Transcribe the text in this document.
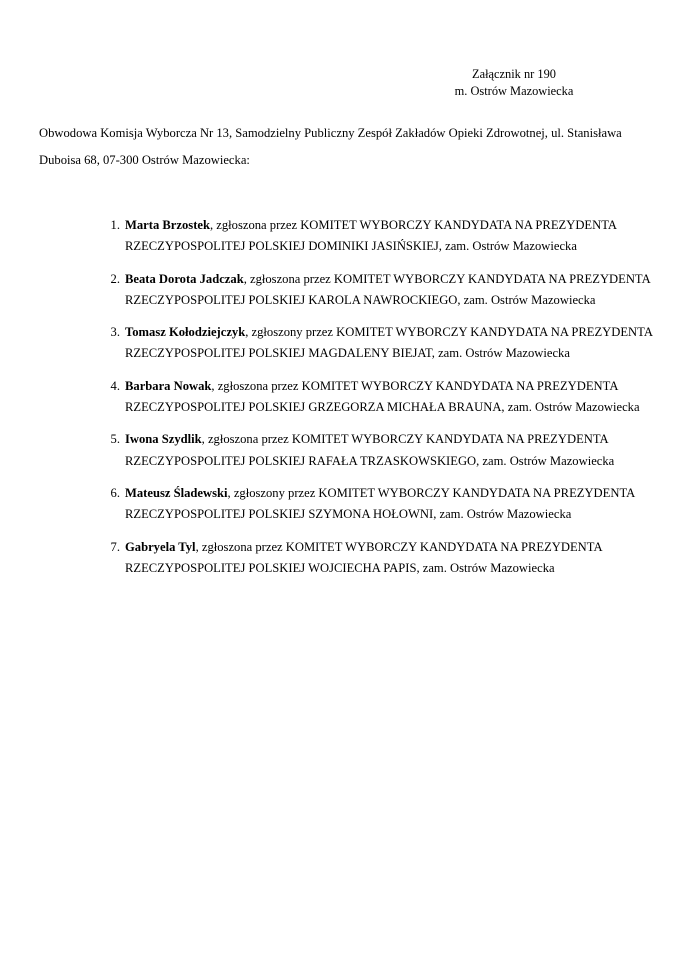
Załącznik nr 190
m. Ostrów Mazowiecka
Obwodowa Komisja Wyborcza Nr 13, Samodzielny Publiczny Zespół Zakładów Opieki Zdrowotnej, ul. Stanisława Duboisa 68, 07-300 Ostrów Mazowiecka:
1. Marta Brzostek, zgłoszona przez KOMITET WYBORCZY KANDYDATA NA PREZYDENTA RZECZYPOSPOLITEJ POLSKIEJ DOMINIKI JASIŃSKIEJ, zam. Ostrów Mazowiecka
2. Beata Dorota Jadczak, zgłoszona przez KOMITET WYBORCZY KANDYDATA NA PREZYDENTA RZECZYPOSPOLITEJ POLSKIEJ KAROLA NAWROCKIEGO, zam. Ostrów Mazowiecka
3. Tomasz Kołodziejczyk, zgłoszony przez KOMITET WYBORCZY KANDYDATA NA PREZYDENTA RZECZYPOSPOLITEJ POLSKIEJ MAGDALENY BIEJAT, zam. Ostrów Mazowiecka
4. Barbara Nowak, zgłoszona przez KOMITET WYBORCZY KANDYDATA NA PREZYDENTA RZECZYPOSPOLITEJ POLSKIEJ GRZEGORZA MICHAŁA BRAUNA, zam. Ostrów Mazowiecka
5. Iwona Szydlik, zgłoszona przez KOMITET WYBORCZY KANDYDATA NA PREZYDENTA RZECZYPOSPOLITEJ POLSKIEJ RAFAŁA TRZASKOWSKIEGO, zam. Ostrów Mazowiecka
6. Mateusz Śladewski, zgłoszony przez KOMITET WYBORCZY KANDYDATA NA PREZYDENTA RZECZYPOSPOLITEJ POLSKIEJ SZYMONA HOŁOWNI, zam. Ostrów Mazowiecka
7. Gabryela Tyl, zgłoszona przez KOMITET WYBORCZY KANDYDATA NA PREZYDENTA RZECZYPOSPOLITEJ POLSKIEJ WOJCIECHA PAPIS, zam. Ostrów Mazowiecka
